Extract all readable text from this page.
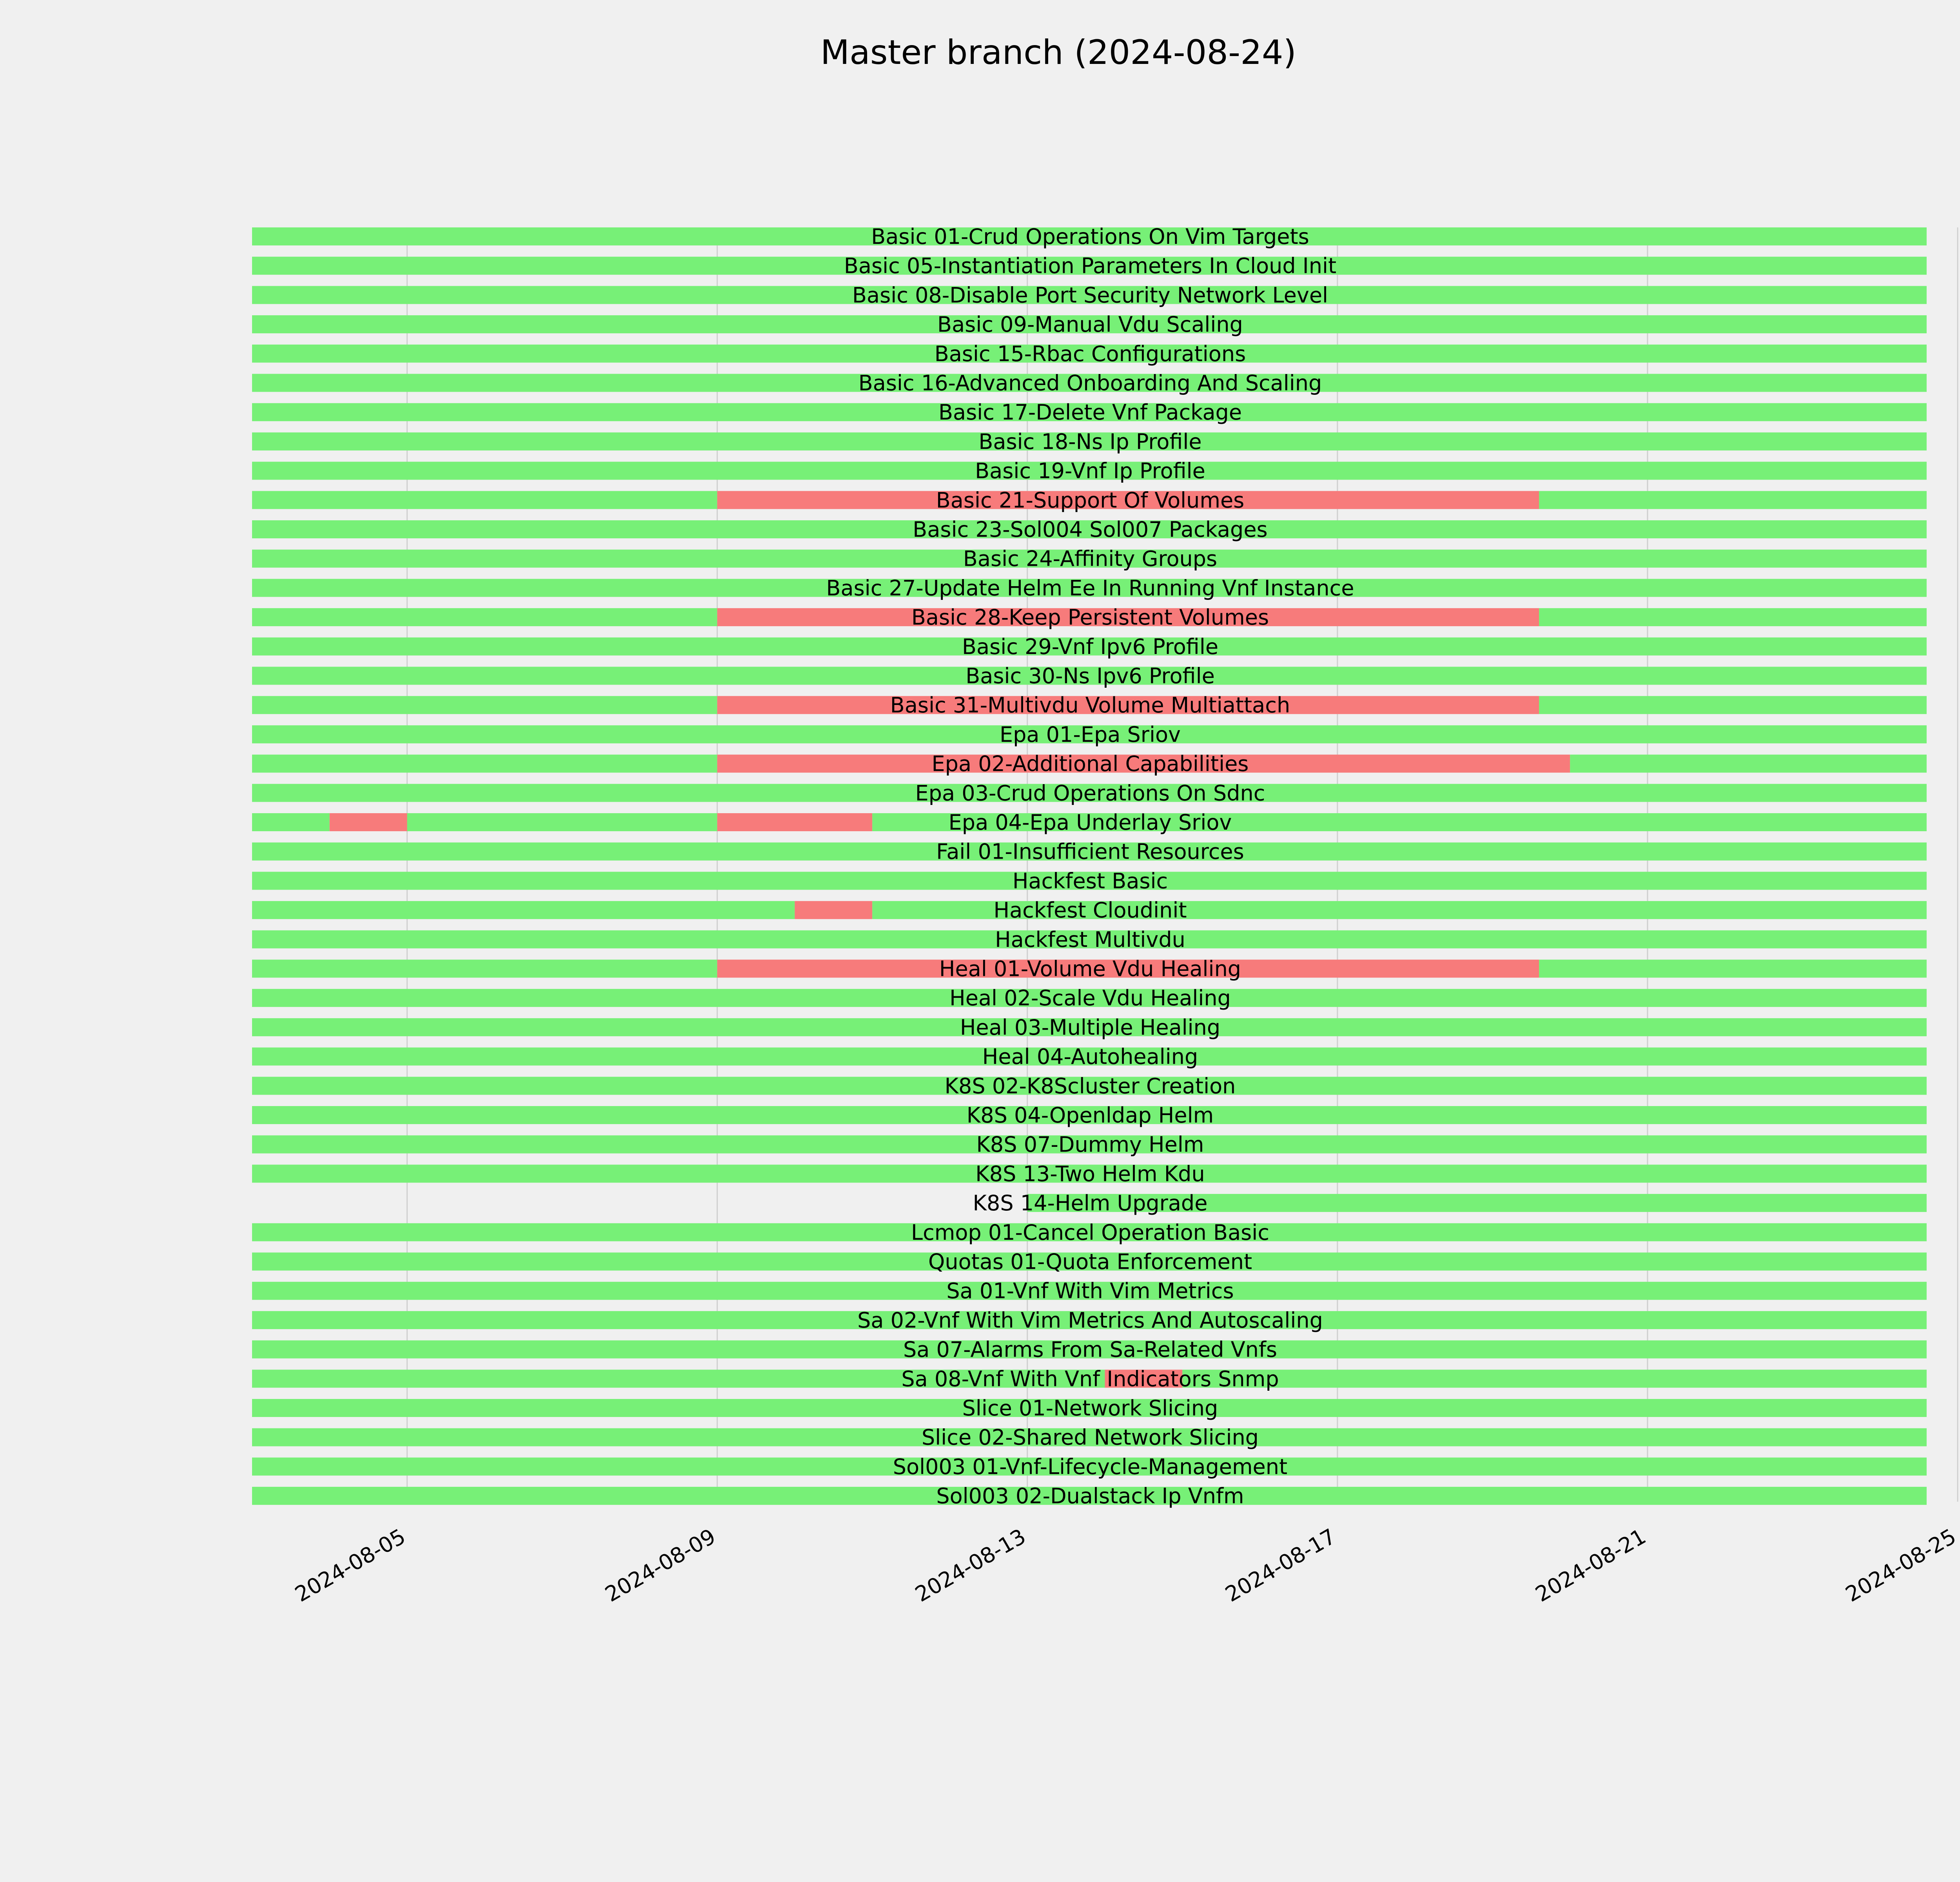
Master branch (2024-08-24)
Basic 01-Crud Operations On Vim Targets
Basic 05-Instantiation Parameters In Cloud Init
Basic 08-Disable Port Security Network Level
Basic 09-Manual Vdu Scaling
Basic 15-Rbac Configurations
Basic 16-Advanced Onboarding And Scaling
Basic 17-Delete Vnf Package
Basic 18-Ns Ip Profile
Basic 19-Vnf Ip Profile
Basic 21-Support Of Volumes
Basic 23-Sol004 Sol007 Packages
Basic 24-Affinity Groups
Basic 27-Update Helm Ee In Running Vnf Instance
Basic 28-Keep Persistent Volumes
Basic 29-Vnf Ipv6 Profile
Basic 30-Ns Ipv6 Profile
Basic 31-Multivdu Volume Multiattach
Epa 01-Epa Sriov
Epa 02-Additional Capabilities
Epa 03-Crud Operations On Sdnc
Epa 04-Epa Underlay Sriov
Fail 01-Insufficient Resources
Hackfest Basic
Hackfest Cloudinit
Hackfest Multivdu
Heal 01-Volume Vdu Healing
Heal 02-Scale Vdu Healing
Heal 03-Multiple Healing
Heal 04-Autohealing
K8S 02-K8Scluster Creation
K8S 04-Openldap Helm
K8S 07-Dummy Helm
K8S 13-Two Helm Kdu
K8S 14-Helm Upgrade
Lcmop 01-Cancel Operation Basic
Quotas 01-Quota Enforcement
Sa 01-Vnf With Vim Metrics
Sa 02-Vnf With Vim Metrics And Autoscaling
Sa 07-Alarms From Sa-Related Vnfs
Sa 08-Vnf With Vnf Indicators Snmp
Slice 01-Network Slicing
Slice 02-Shared Network Slicing
Sol003 01-Vnf-Lifecycle-Management
Sol003 02-Dualstack Ip Vnfm
2024-08-05	2024-08-09	2024-08-13	2024-08-17	2024-08-21	2024-08-25
